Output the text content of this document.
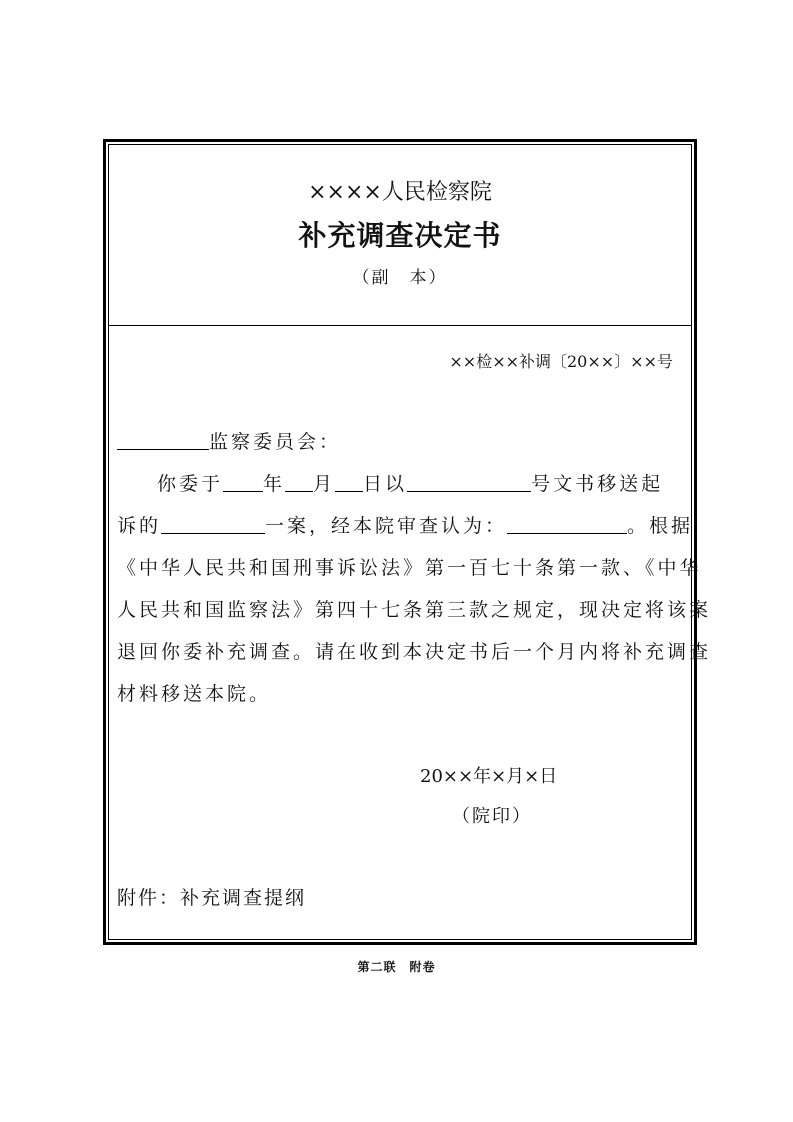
××××人民检察院
补充调查决定书
（副　本）
××检××补调〔20××〕××号
监察委员会：
你委于 年 月 日以	号文书移送起
诉的	一案，经本院审查认为：	。根据
《中华人民共和国刑事诉讼法》第一百七十条第一款、《中华
人民共和国监察法》第四十七条第三款之规定，现决定将该案
退回你委补充调查。请在收到本决定书后一个月内将补充调查
材料移送本院。
20××年×月×日
（院印）
附件：补充调查提纲
第二联　附卷
